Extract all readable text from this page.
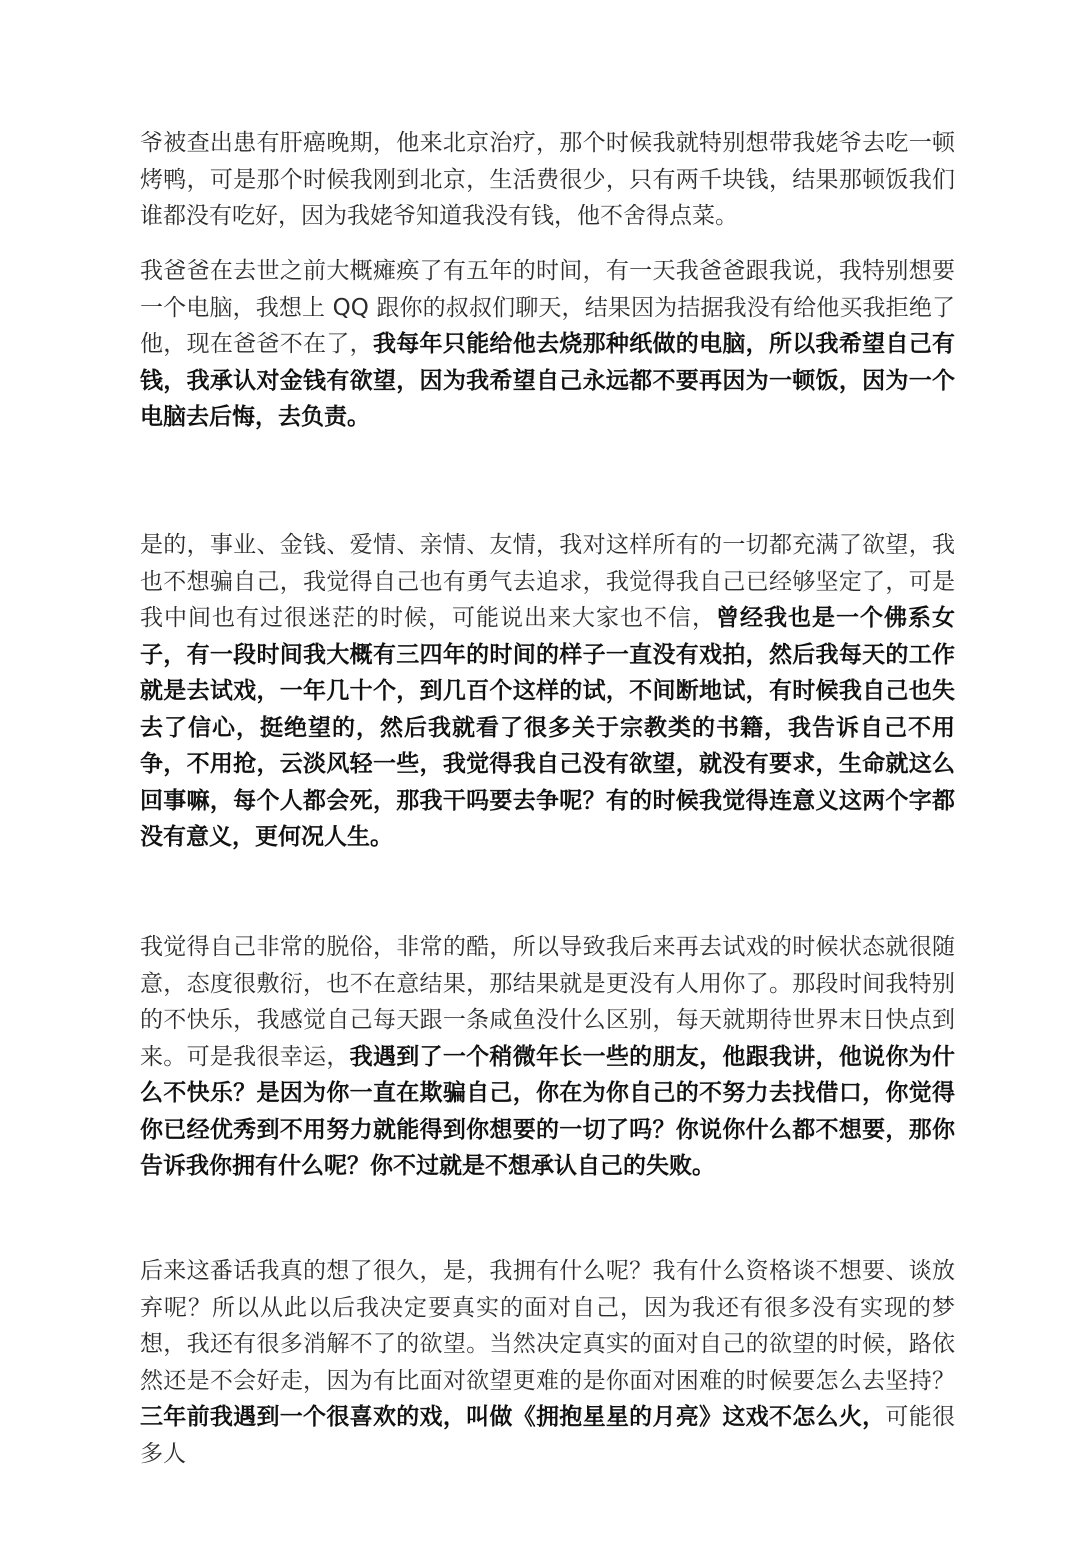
爷被查出患有肝癌晚期，他来北京治疗，那个时候我就特别想带我姥爷去吃一顿烤鸭，可是那个时候我刚到北京，生活费很少，只有两千块钱，结果那顿饭我们谁都没有吃好，因为我姥爷知道我没有钱，他不舍得点菜。

我爸爸在去世之前大概瘫痪了有五年的时间，有一天我爸爸跟我说，我特别想要一个电脑，我想上 QQ 跟你的叔叔们聊天，结果因为拮据我没有给他买我拒绝了他，现在爸爸不在了，我每年只能给他去烧那种纸做的电脑，所以我希望自己有钱，我承认对金钱有欲望，因为我希望自己永远都不要再因为一顿饭，因为一个电脑去后悔，去负责。

是的，事业、金钱、爱情、亲情、友情，我对这样所有的一切都充满了欲望，我也不想骗自己，我觉得自己也有勇气去追求，我觉得我自己已经够坚定了，可是我中间也有过很迷茫的时候，可能说出来大家也不信，曾经我也是一个佛系女子，有一段时间我大概有三四年的时间的样子一直没有戏拍，然后我每天的工作就是去试戏，一年几十个，到几百个这样的试，不间断地试，有时候我自己也失去了信心，挺绝望的，然后我就看了很多关于宗教类的书籍，我告诉自己不用争，不用抢，云淡风轻一些，我觉得我自己没有欲望，就没有要求，生命就这么回事嘛，每个人都会死，那我干吗要去争呢？有的时候我觉得连意义这两个字都没有意义，更何况人生。

我觉得自己非常的脱俗，非常的酷，所以导致我后来再去试戏的时候状态就很随意，态度很敷衍，也不在意结果，那结果就是更没有人用你了。那段时间我特别的不快乐，我感觉自己每天跟一条咸鱼没什么区别，每天就期待世界末日快点到来。可是我很幸运，我遇到了一个稍微年长一些的朋友，他跟我讲，他说你为什么不快乐？是因为你一直在欺骗自己，你在为你自己的不努力去找借口，你觉得你已经优秀到不用努力就能得到你想要的一切了吗？你说你什么都不想要，那你告诉我你拥有什么呢？你不过就是不想承认自己的失败。

后来这番话我真的想了很久，是，我拥有什么呢？我有什么资格谈不想要、谈放弃呢？所以从此以后我决定要真实的面对自己，因为我还有很多没有实现的梦想，我还有很多消解不了的欲望。当然决定真实的面对自己的欲望的时候，路依然还是不会好走，因为有比面对欲望更难的是你面对困难的时候要怎么去坚持？三年前我遇到一个很喜欢的戏，叫做《拥抱星星的月亮》这戏不怎么火，可能很多人
